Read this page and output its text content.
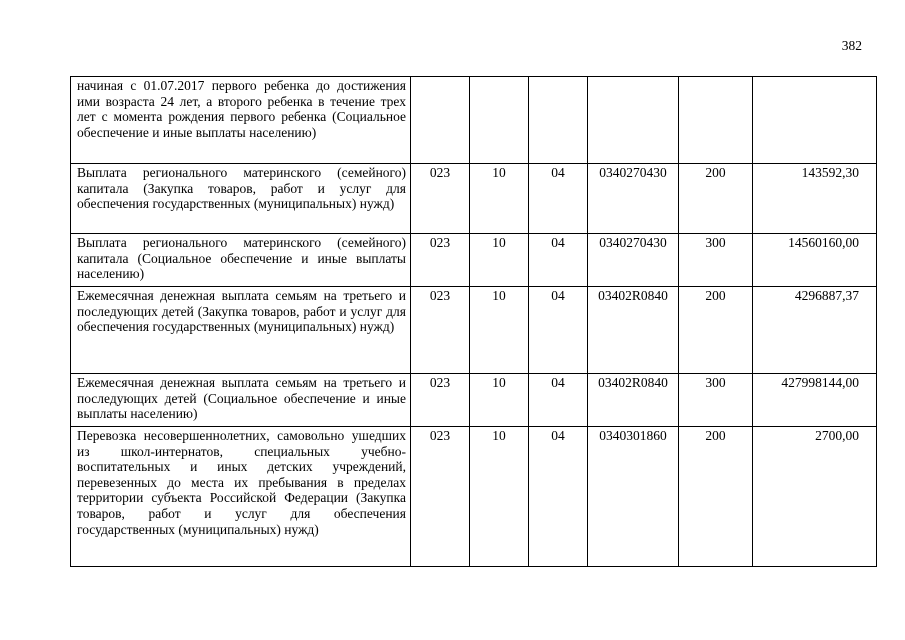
382
начиная с 01.07.2017 первого ребенка до достижения ими возраста 24 лет, а второго ребенка в течение трех лет с момента рождения первого ребенка (Социальное обеспечение и иные выплаты населению)						
Выплата регионального материнского (семейного) капитала (Закупка товаров, работ и услуг для обеспечения государственных (муниципальных) нужд)	023	10	04	0340270430	200	143592,30
Выплата регионального материнского (семейного) капитала (Социальное обеспечение и иные выплаты населению)	023	10	04	0340270430	300	14560160,00
Ежемесячная денежная выплата семьям на третьего и последующих детей (Закупка товаров, работ и услуг для обеспечения государственных (муниципальных) нужд)	023	10	04	03402R0840	200	4296887,37
Ежемесячная денежная выплата семьям на третьего и последующих детей (Социальное обеспечение и иные выплаты населению)	023	10	04	03402R0840	300	427998144,00
Перевозка несовершеннолетних, самовольно ушедших из школ-интернатов, специальных учебно-воспитательных и иных детских учреждений, перевезенных до места их пребывания в пределах территории субъекта Российской Федерации (Закупка товаров, работ и услуг для обеспечения государственных (муниципальных) нужд)	023	10	04	0340301860	200	2700,00
